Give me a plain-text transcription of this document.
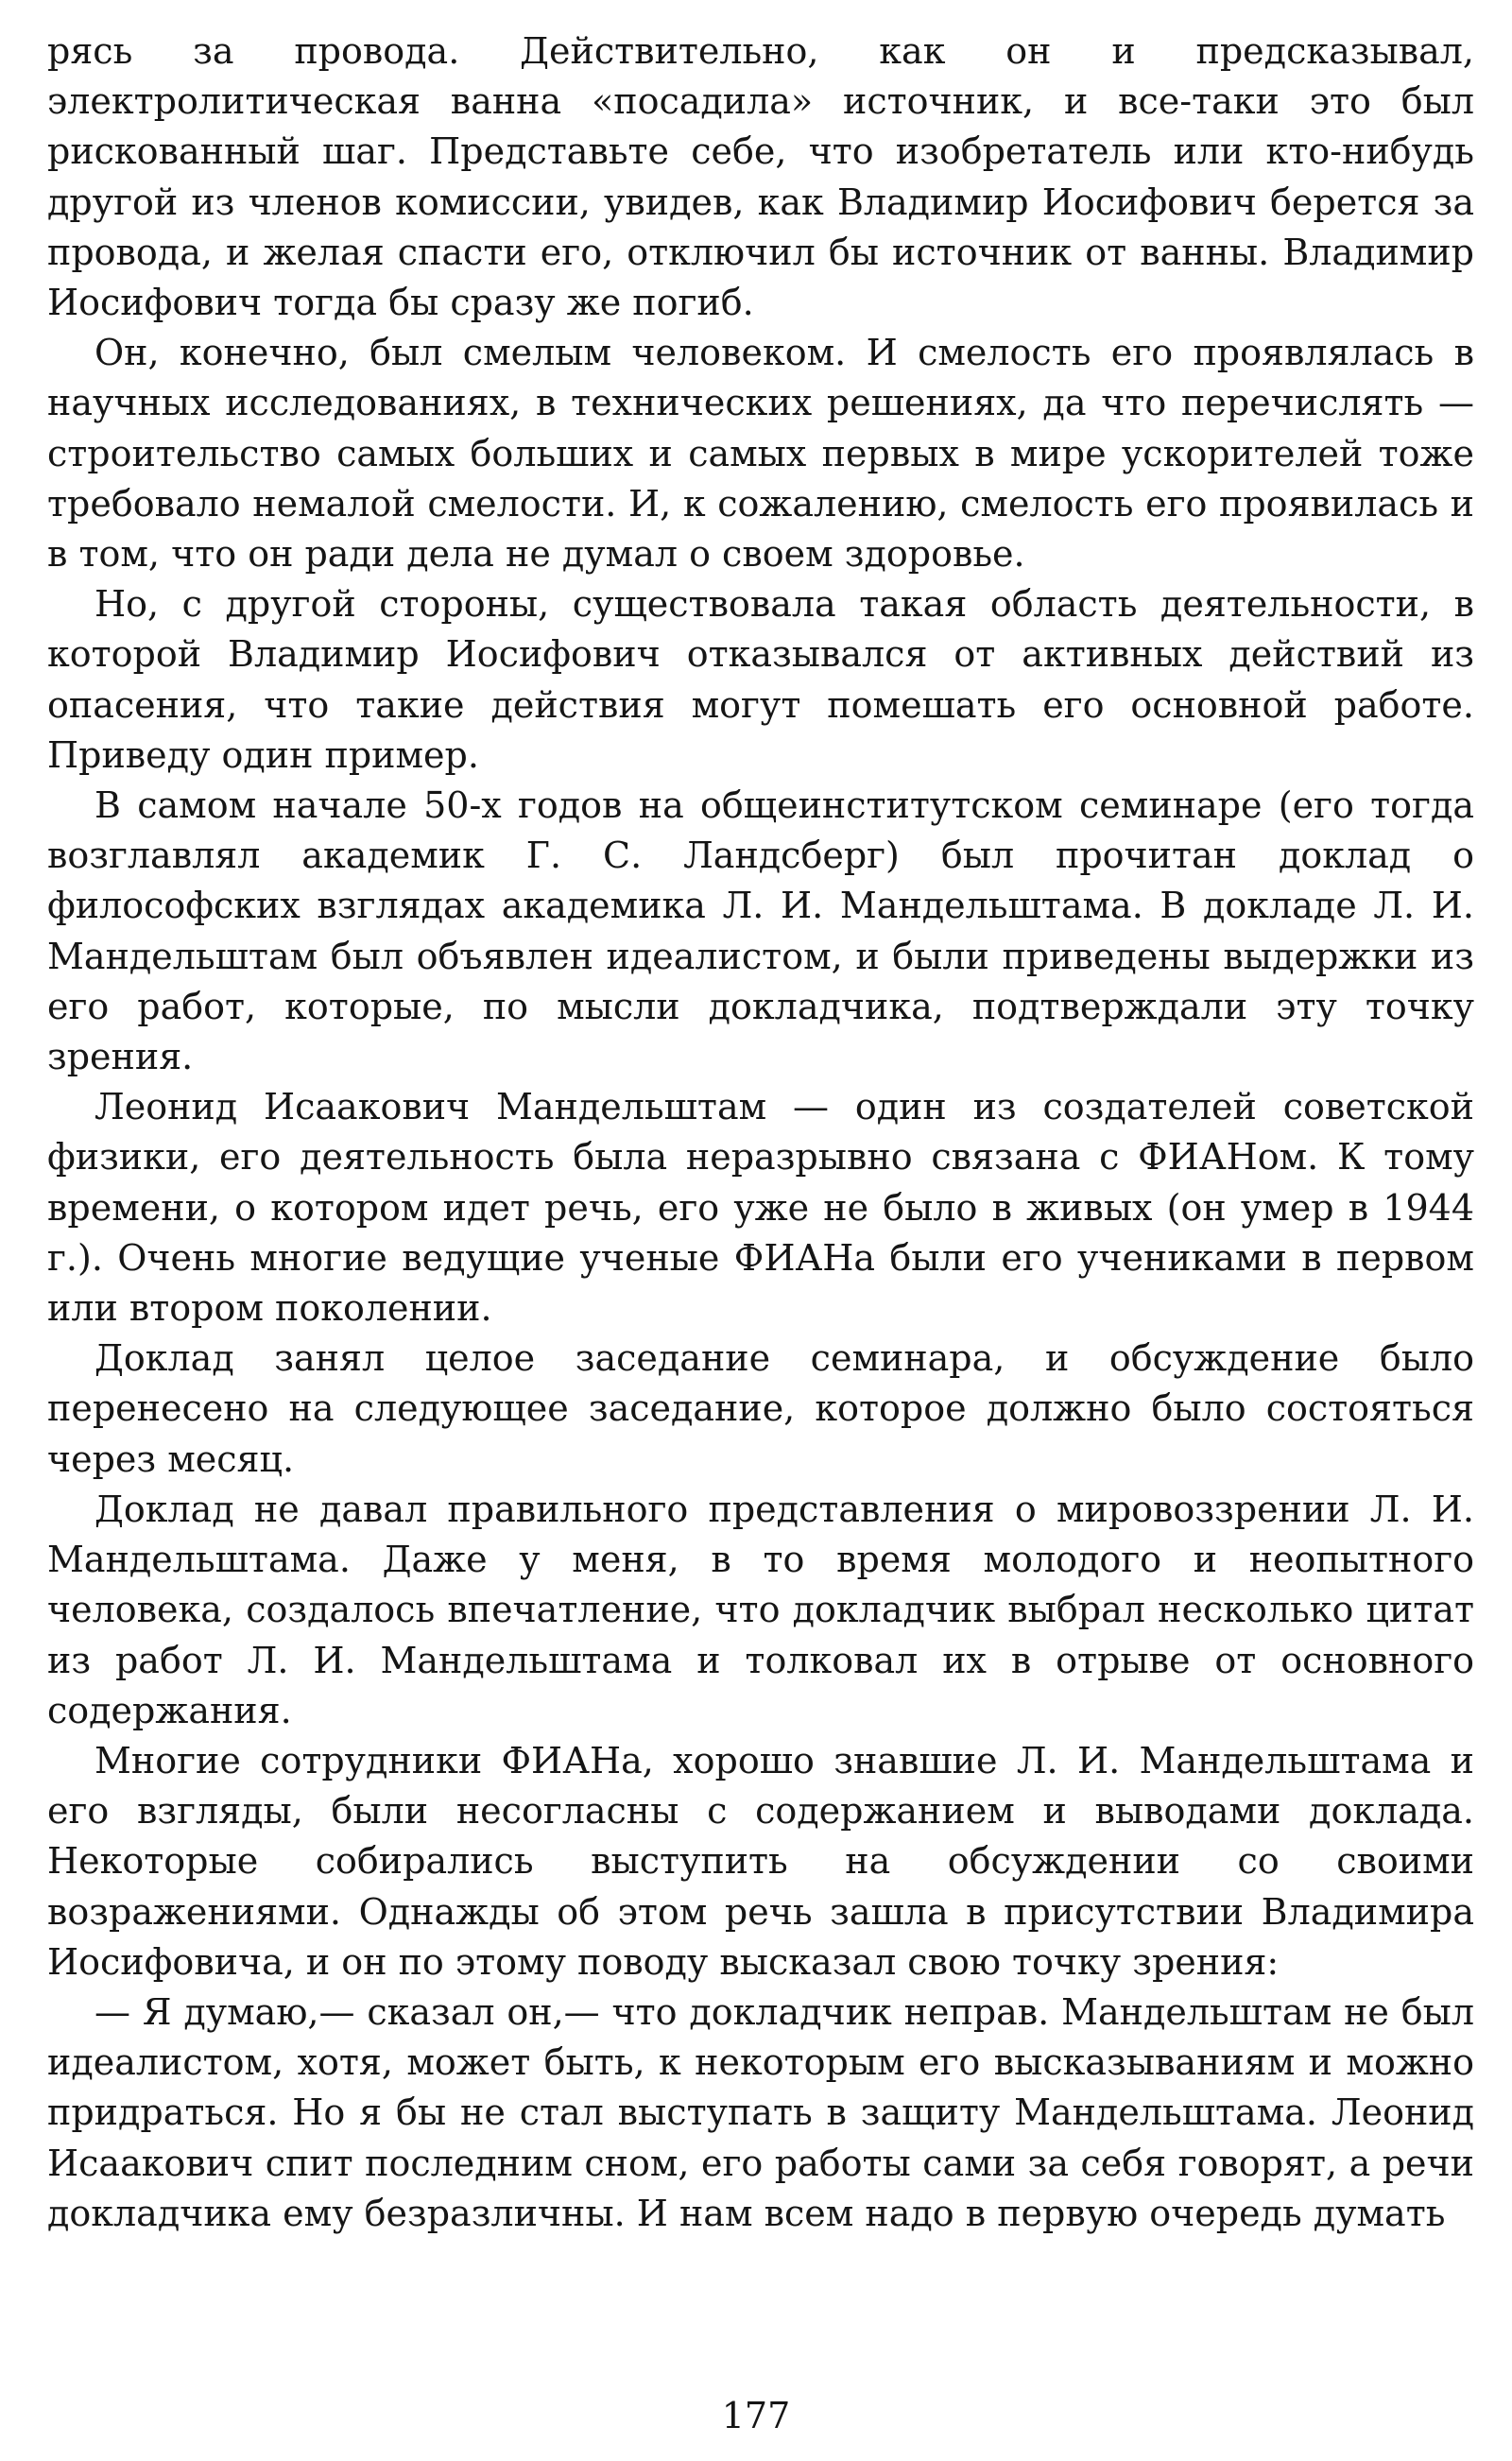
рясь за провода. Действительно, как он и предсказывал, электролитическая ванна «посадила» источник, и все-таки это был рискованный шаг. Представьте себе, что изобретатель или кто-нибудь другой из членов комиссии, увидев, как Владимир Иосифович берется за провода, и желая спасти его, отключил бы источник от ванны. Владимир Иосифович тогда бы сразу же погиб.

Он, конечно, был смелым человеком. И смелость его проявлялась в научных исследованиях, в технических решениях, да что перечислять — строительство самых больших и самых первых в мире ускорителей тоже требовало немалой смелости. И, к сожалению, смелость его проявилась и в том, что он ради дела не думал о своем здоровье.

Но, с другой стороны, существовала такая область деятельности, в которой Владимир Иосифович отказывался от активных действий из опасения, что такие действия могут помешать его основной работе. Приведу один пример.

В самом начале 50-х годов на общеинститутском семинаре (его тогда возглавлял академик Г. С. Ландсберг) был прочитан доклад о философских взглядах академика Л. И. Мандельштама. В докладе Л. И. Мандельштам был объявлен идеалистом, и были приведены выдержки из его работ, которые, по мысли докладчика, подтверждали эту точку зрения.

Леонид Исаакович Мандельштам — один из создателей советской физики, его деятельность была неразрывно связана с ФИАНом. К тому времени, о котором идет речь, его уже не было в живых (он умер в 1944 г.). Очень многие ведущие ученые ФИАНа были его учениками в первом или втором поколении.

Доклад занял целое заседание семинара, и обсуждение было перенесено на следующее заседание, которое должно было состояться через месяц.

Доклад не давал правильного представления о мировоззрении Л. И. Мандельштама. Даже у меня, в то время молодого и неопытного человека, создалось впечатление, что докладчик выбрал несколько цитат из работ Л. И. Мандельштама и толковал их в отрыве от основного содержания.

Многие сотрудники ФИАНа, хорошо знавшие Л. И. Мандельштама и его взгляды, были несогласны с содержанием и выводами доклада. Некоторые собирались выступить на обсуждении со своими возражениями. Однажды об этом речь зашла в присутствии Владимира Иосифовича, и он по этому поводу высказал свою точку зрения:

— Я думаю,— сказал он,— что докладчик неправ. Мандельштам не был идеалистом, хотя, может быть, к некоторым его высказываниям и можно придраться. Но я бы не стал выступать в защиту Мандельштама. Леонид Исаакович спит последним сном, его работы сами за себя говорят, а речи докладчика ему безразличны. И нам всем надо в первую очередь думать

177
